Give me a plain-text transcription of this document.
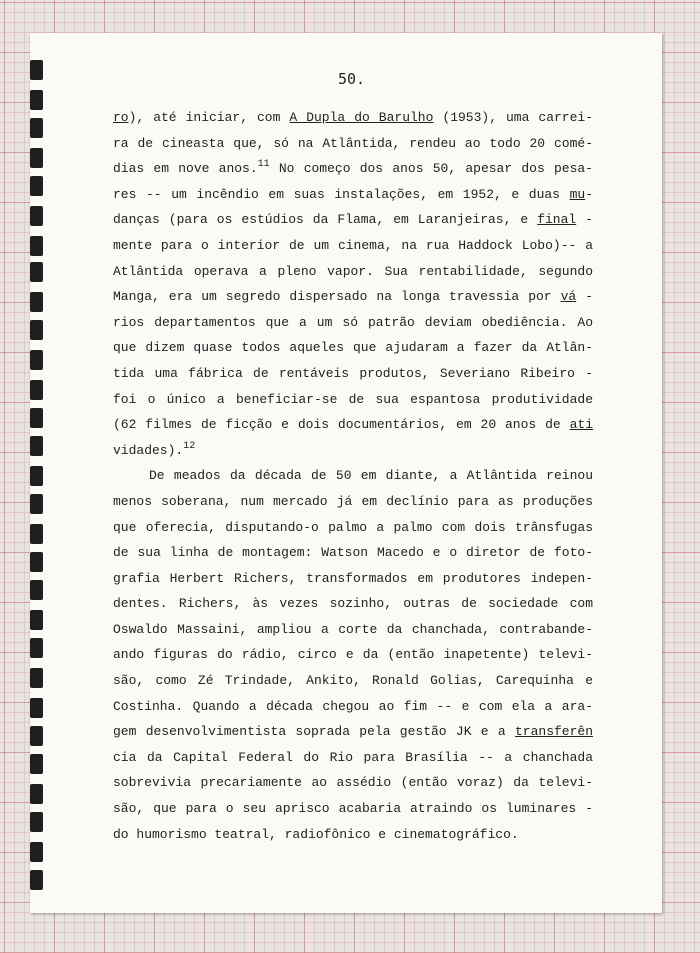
50.
ro), até iniciar, com A Dupla do Barulho (1953), uma carrei-
ra de cineasta que, só na Atlântida, rendeu ao todo 20 comé-
dias em nove anos.$^{11}$ No começo dos anos 50, apesar dos pesa-
res -- um incêndio em suas instalações, em 1952, e duas mu-
danças (para os estúdios da Flama, em Laranjeiras, e final -
mente para o interior de um cinema, na rua Haddock Lobo)-- a
Atlântida operava a pleno vapor. Sua rentabilidade, segundo
Manga, era um segredo dispersado na longa travessia por vá -
rios departamentos que a um só patrão deviam obediência. Ao
que dizem quase todos aqueles que ajudaram a fazer da Atlân-
tida uma fábrica de rentáveis produtos, Severiano Ribeiro -
foi o único a beneficiar-se de sua espantosa produtividade
(62 filmes de ficção e dois documentários, em 20 anos de ati
vidades).$^{12}$
De meados da década de 50 em diante, a Atlântida reinou
menos soberana, num mercado já em declínio para as produções
que oferecia, disputando-o palmo a palmo com dois trânsfugas
de sua linha de montagem: Watson Macedo e o diretor de foto-
grafia Herbert Richers, transformados em produtores indepen-
dentes. Richers, às vezes sozinho, outras de sociedade com
Oswaldo Massaini, ampliou a corte da chanchada, contrabande-
ando figuras do rádio, circo e da (então inapetente) televi-
são, como Zé Trindade, Ankito, Ronald Golias, Carequinha e
Costinha. Quando a década chegou ao fim -- e com ela a ara-
gem desenvolvimentista soprada pela gestão JK e a transferên
cia da Capital Federal do Rio para Brasília -- a chanchada
sobrevivia precariamente ao assédio (então voraz) da televi-
são, que para o seu aprisco acabaria atraindo os luminares -
do humorismo teatral, radiofônico e cinematográfico.
